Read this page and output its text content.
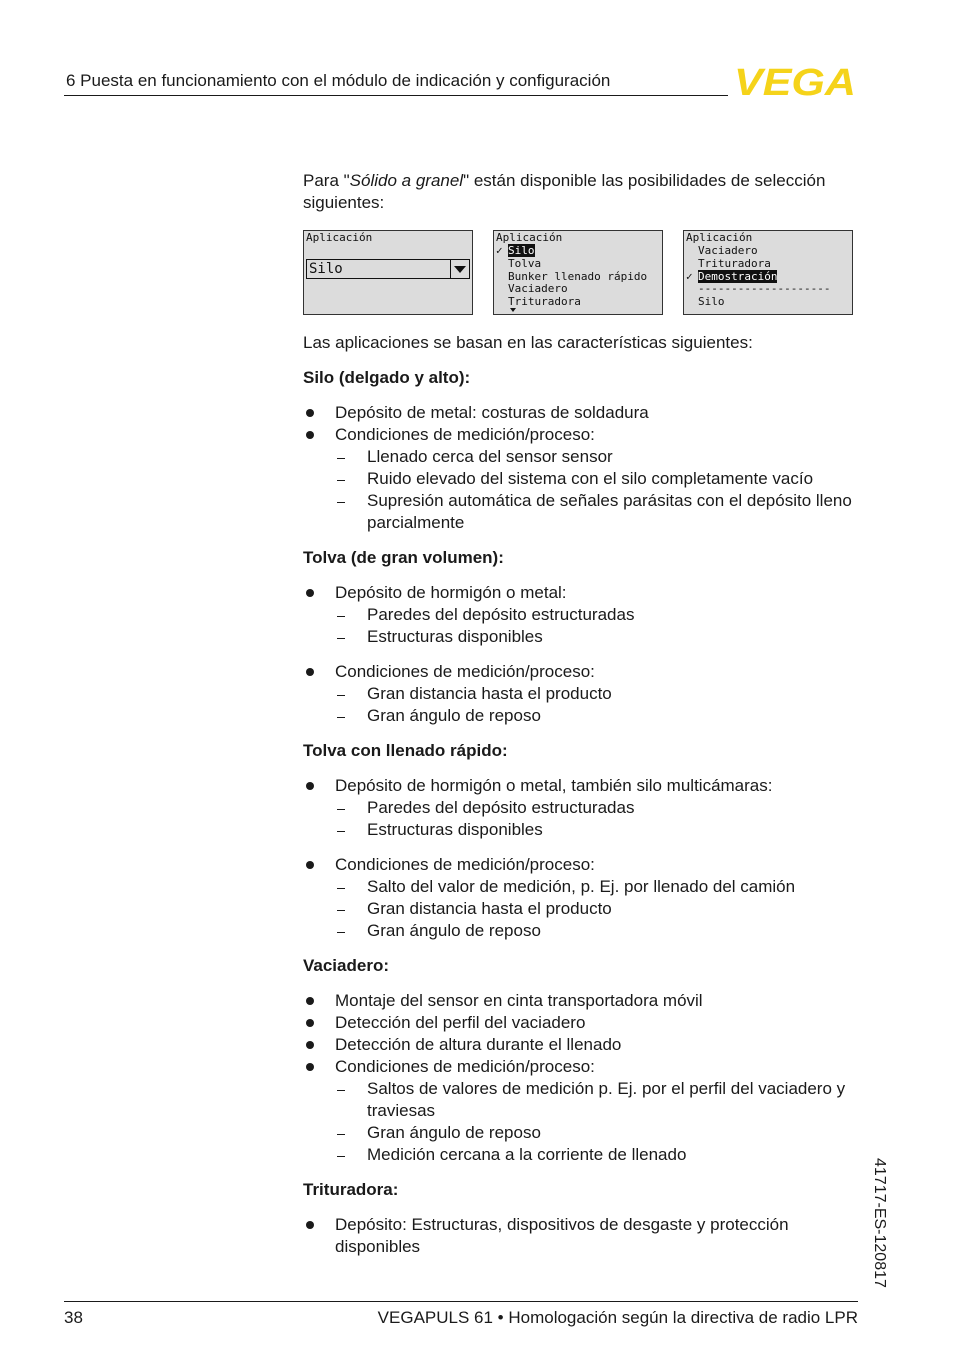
6 Puesta en funcionamiento con el módulo de indicación y configuración	VEGA

Para "Sólido a granel" están disponible las posibilidades de selección siguientes:

Aplicación
Silo
Aplicación
✓ Silo
Tolva
Bunker llenado rápido
Vaciadero
Trituradora
Aplicación
Vaciadero
Trituradora
✓ Demostración
--------------------
Silo

Las aplicaciones se basan en las características siguientes:

Silo (delgado y alto):

Depósito de metal: costuras de soldadura
Condiciones de medición/proceso:
Llenado cerca del sensor sensor
Ruido elevado del sistema con el silo completamente vacío
Supresión automática de señales parásitas con el depósito lleno parcialmente

Tolva (de gran volumen):

Depósito de hormigón o metal:
Paredes del depósito estructuradas
Estructuras disponibles
Condiciones de medición/proceso:
Gran distancia hasta el producto
Gran ángulo de reposo

Tolva con llenado rápido:

Depósito de hormigón o metal, también silo multicámaras:
Paredes del depósito estructuradas
Estructuras disponibles
Condiciones de medición/proceso:
Salto del valor de medición, p. Ej. por llenado del camión
Gran distancia hasta el producto
Gran ángulo de reposo

Vaciadero:

Montaje del sensor en cinta transportadora móvil
Detección del perfil del vaciadero
Detección de altura durante el llenado
Condiciones de medición/proceso:
Saltos de valores de medición p. Ej. por el perfil del vaciadero y traviesas
Gran ángulo de reposo
Medición cercana a la corriente de llenado

Trituradora:

Depósito: Estructuras, dispositivos de desgaste y protección disponibles	41717-ES-120817
38	VEGAPULS 61 • Homologación según la directiva de radio LPR
